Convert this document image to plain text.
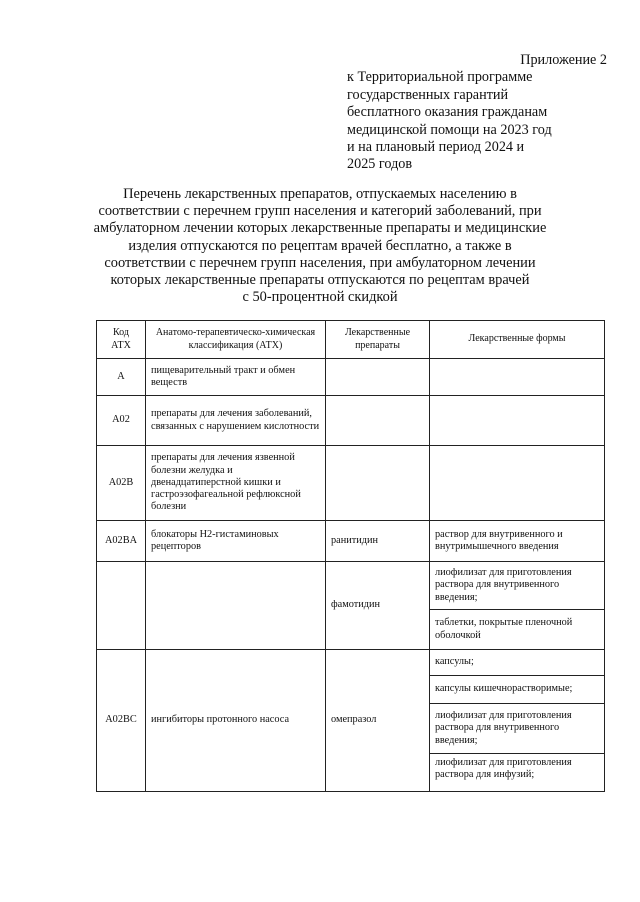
Приложение 2
к Территориальной программе
государственных гарантий
бесплатного оказания гражданам
медицинской помощи на 2023 год
и на плановый период 2024 и
2025 годов
Перечень лекарственных препаратов, отпускаемых населению в
соответствии с перечнем групп населения и категорий заболеваний, при
амбулаторном лечении которых лекарственные препараты и медицинские
изделия отпускаются по рецептам врачей бесплатно, а также в
соответствии с перечнем групп населения, при амбулаторном лечении
которых лекарственные препараты отпускаются по рецептам врачей
с 50-процентной скидкой
Код АТХ	Анатомо-терапевтическо-химическая классификация (АТХ)	Лекарственные препараты	Лекарственные формы
A	пищеварительный тракт и обмен веществ		
A02	препараты для лечения заболеваний, связанных с нарушением кислотности		
A02B	препараты для лечения язвенной болезни желудка и двенадцатиперстной кишки и гастроэзофагеальной рефлюксной болезни		
A02BA	блокаторы H2-гистаминовых рецепторов	ранитидин	раствор для внутривенного и внутримышечного введения
		фамотидин	лиофилизат для приготовления раствора для внутривенного введения;
			таблетки, покрытые пленочной оболочкой
A02BC	ингибиторы протонного насоса	омепразол	капсулы;
			капсулы кишечнорастворимые;
			лиофилизат для приготовления раствора для внутривенного введения;
			лиофилизат для приготовления раствора для инфузий;
